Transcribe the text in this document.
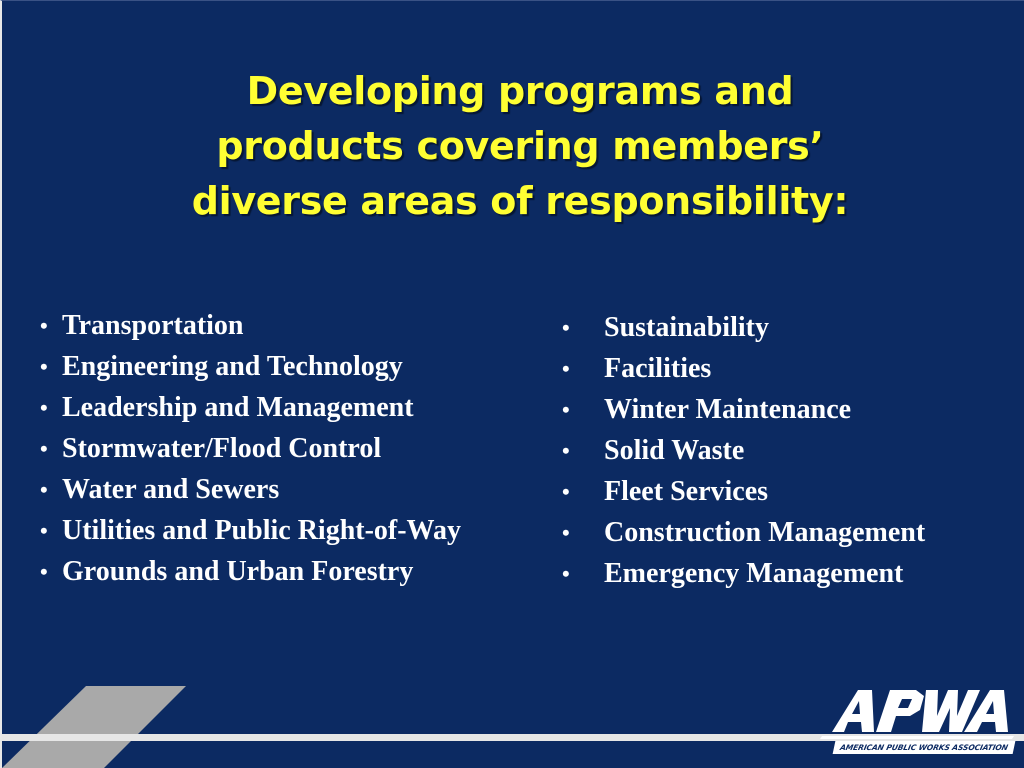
Developing programs and
products covering members’
diverse areas of responsibility:
• Transportation
• Engineering and Technology
• Leadership and Management
• Stormwater/Flood Control
• Water and Sewers
• Utilities and Public Right-of-Way
• Grounds and Urban Forestry
•	Sustainability
•	Facilities
•	Winter Maintenance
•	Solid Waste
•	Fleet Services
•	Construction Management
•	Emergency Management
AMERICAN PUBLIC WORKS ASSOCIATION
